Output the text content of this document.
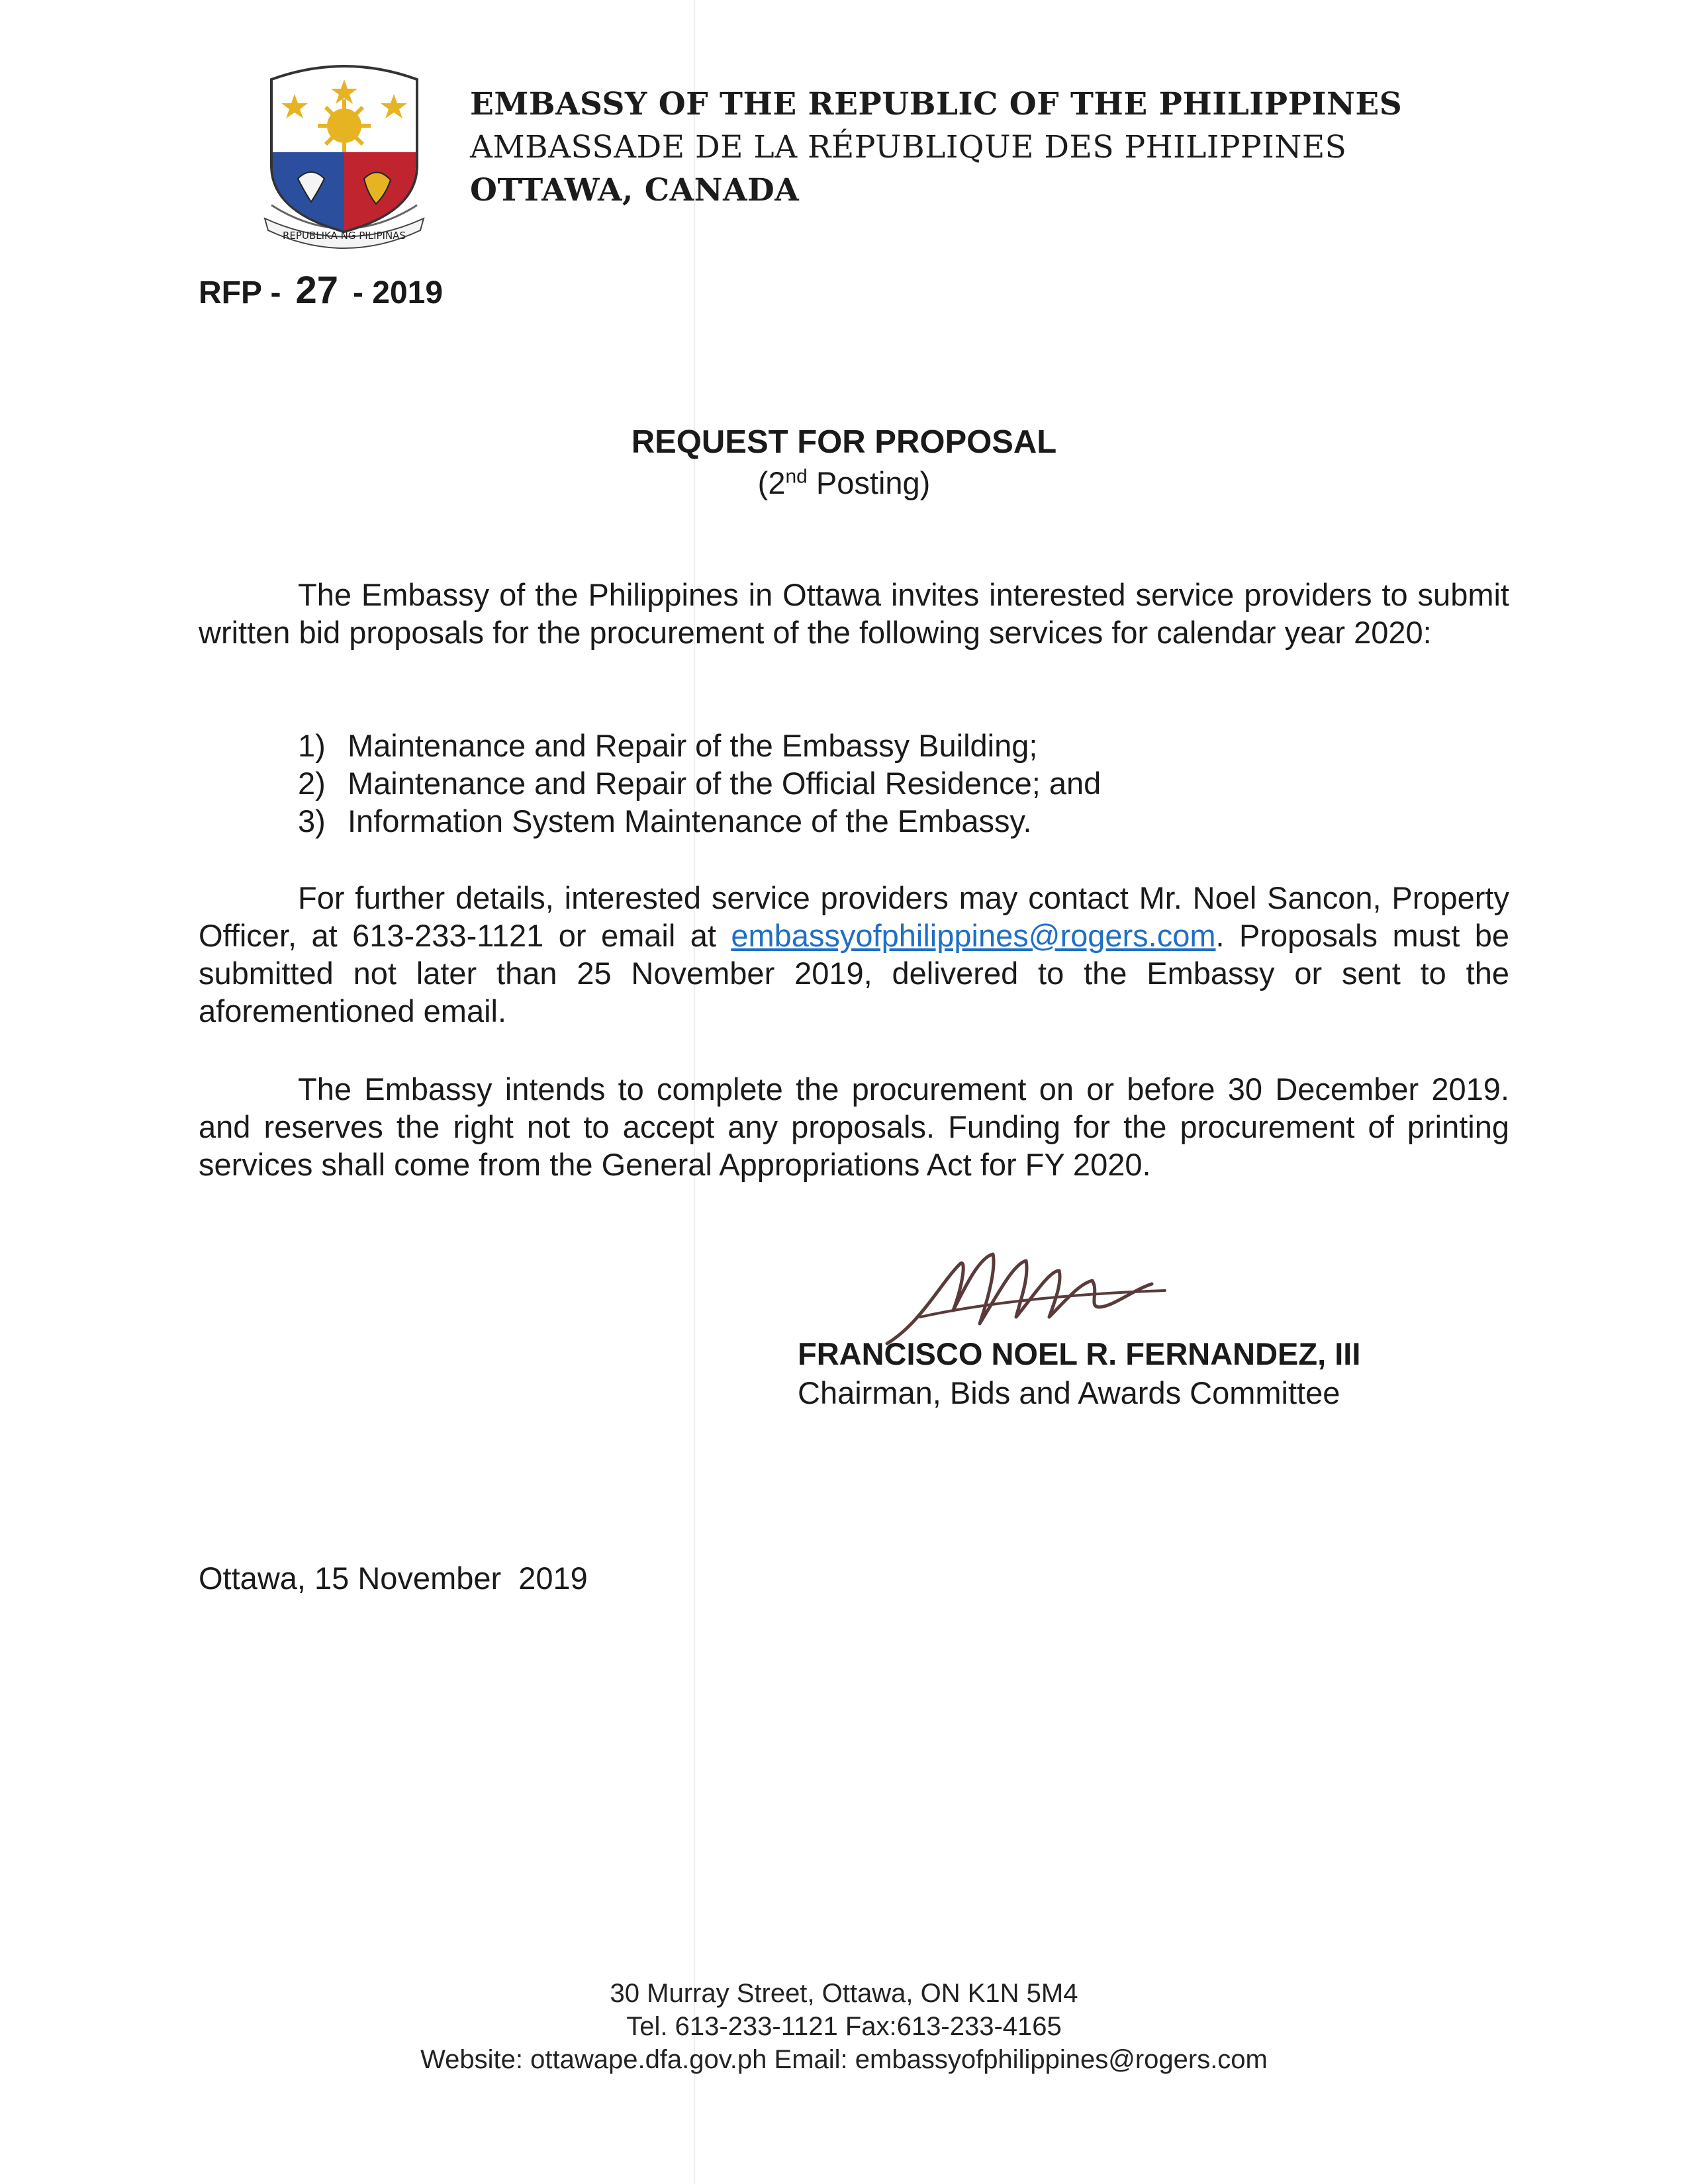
REPUBLIKA NG PILIPINAS
EMBASSY OF THE REPUBLIC OF THE PHILIPPINES
AMBASSADE DE LA RÉPUBLIQUE DES PHILIPPINES
OTTAWA, CANADA
RFP - 27 - 2019
REQUEST FOR PROPOSAL
(2nd Posting)
The Embassy of the Philippines in Ottawa invites interested service providers to submit written bid proposals for the procurement of the following services for calendar year 2020:
1) Maintenance and Repair of the Embassy Building;
2) Maintenance and Repair of the Official Residence; and
3) Information System Maintenance of the Embassy.
For further details, interested service providers may contact Mr. Noel Sancon, Property Officer, at 613-233-1121 or email at embassyofphilippines@rogers.com. Proposals must be submitted not later than 25 November 2019, delivered to the Embassy or sent to the aforementioned email.
The Embassy intends to complete the procurement on or before 30 December 2019. and reserves the right not to accept any proposals. Funding for the procurement of printing services shall come from the General Appropriations Act for FY 2020.
FRANCISCO NOEL R. FERNANDEZ, III
Chairman, Bids and Awards Committee
Ottawa, 15 November  2019
30 Murray Street, Ottawa, ON K1N 5M4
Tel. 613-233-1121 Fax:613-233-4165
Website: ottawape.dfa.gov.ph Email: embassyofphilippines@rogers.com
